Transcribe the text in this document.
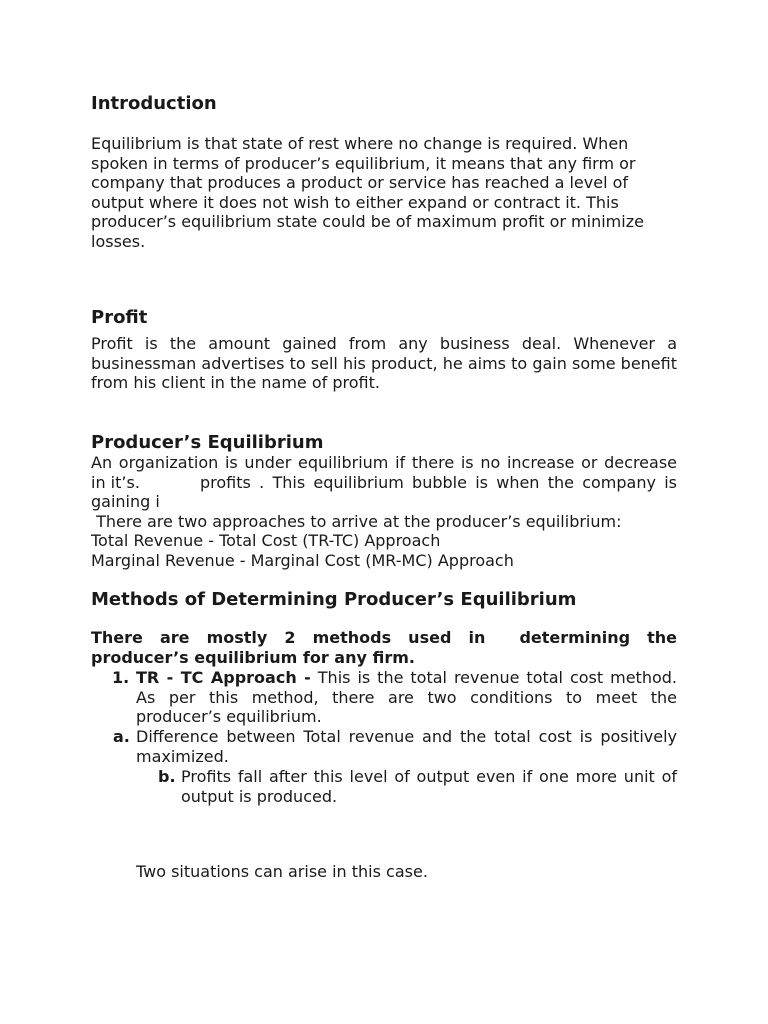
Introduction
Equilibrium is that state of rest where no change is required. When
spoken in terms of producer’s equilibrium, it means that any firm or
company that produces a product or service has reached a level of
output where it does not wish to either expand or contract it. This
producer’s equilibrium state could be of maximum profit or minimize
losses.
Profit

Profit is the amount gained from any business deal. Whenever a businessman advertises to sell his product, he aims to gain some benefit from his client in the name of profit.

Producer’s Equilibrium
An organization is under equilibrium if there is no increase or decrease
in it’s.	profits . This equilibrium bubble is when the company is
gaining i
There are two approaches to arrive at the producer’s equilibrium:
Total Revenue - Total Cost (TR-TC) Approach
Marginal Revenue - Marginal Cost (MR-MC) Approach
Methods of Determining Producer’s Equilibrium
There are mostly 2 methods used in  determining the
producer’s equilibrium for any firm.
1. TR - TC Approach - This is the total revenue total cost method. As per this method, there are two conditions to meet the producer’s equilibrium.

a. Difference between Total revenue and the total cost is positively maximized.

b. Profits fall after this level of output even if one more unit of output is produced.

Two situations can arise in this case.
